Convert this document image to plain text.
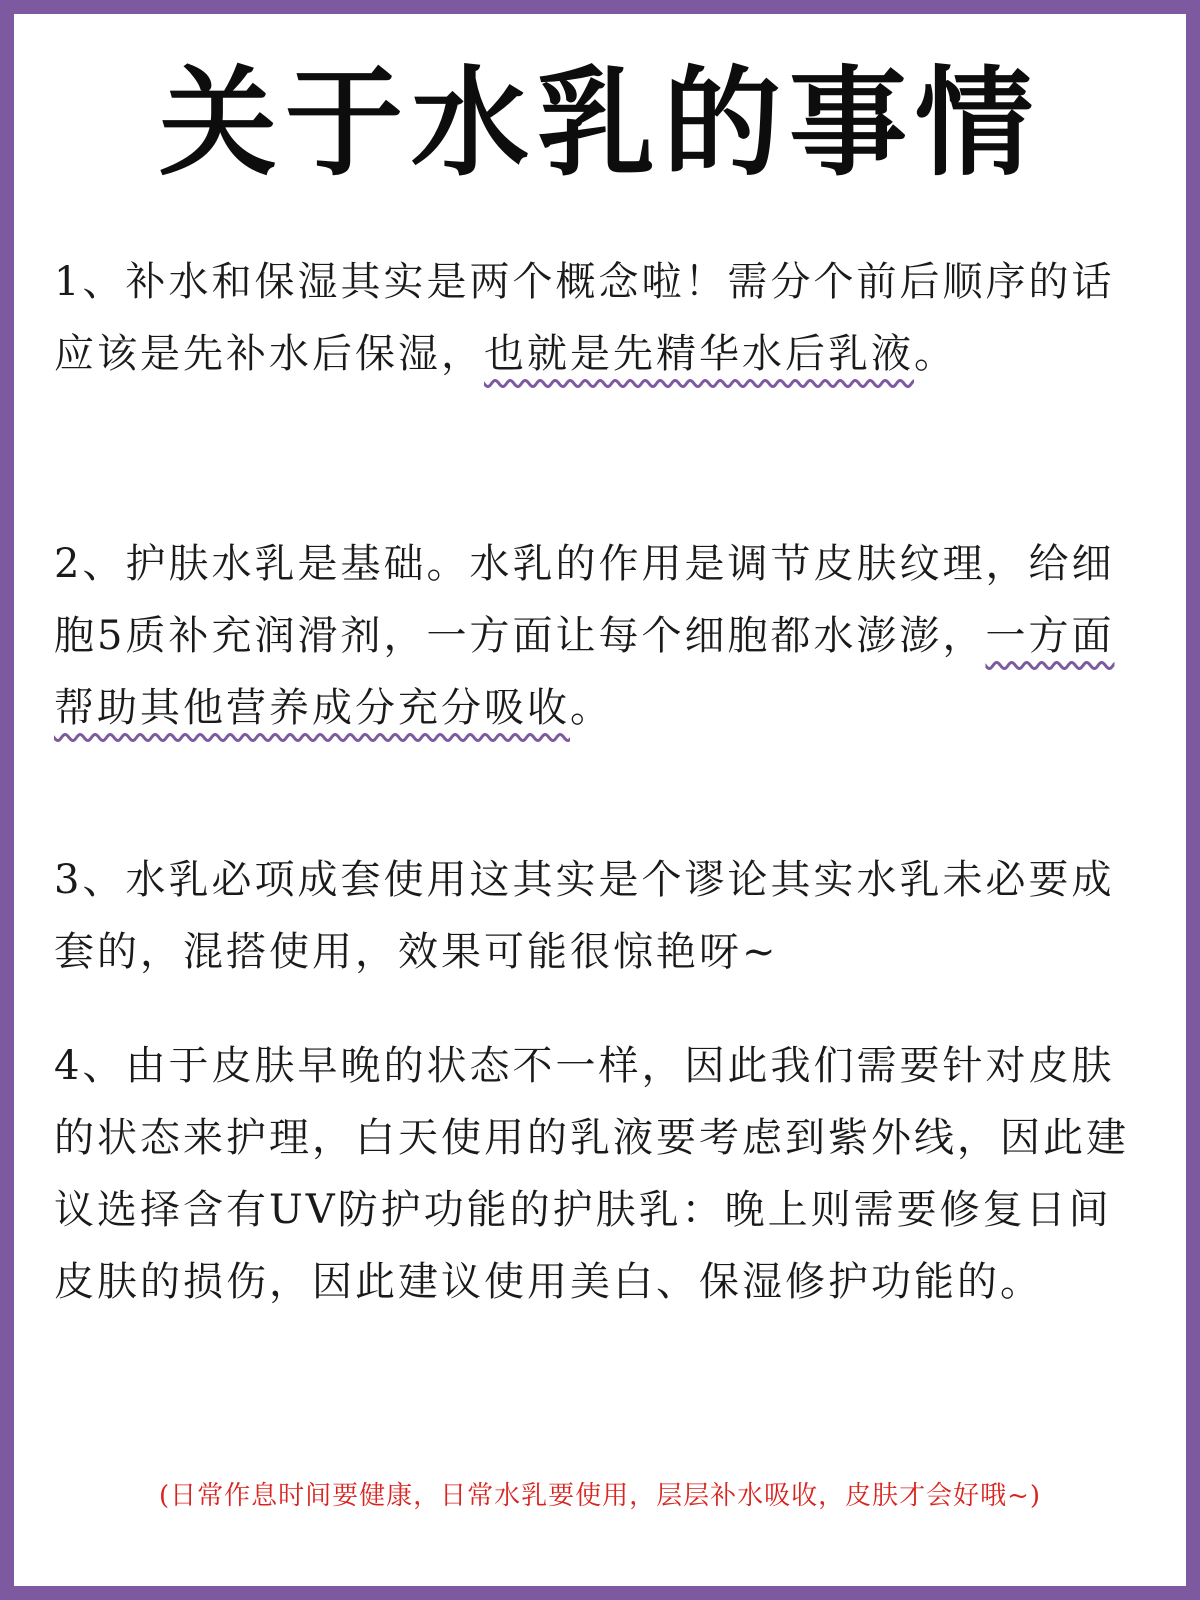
关于水乳的事情
1、补水和保湿其实是两个概念啦！需分个前后顺序的话应该是先补水后保湿，也就是先精华水后乳液。
2、护肤水乳是基础。水乳的作用是调节皮肤纹理，给细胞5质补充润滑剂，一方面让每个细胞都水澎澎，一方面帮助其他营养成分充分吸收。
3、水乳必项成套使用这其实是个谬论其实水乳未必要成套的，混搭使用，效果可能很惊艳呀~
4、由于皮肤早晚的状态不一样，因此我们需要针对皮肤的状态来护理，白天使用的乳液要考虑到紫外线，因此建议选择含有UV防护功能的护肤乳：晚上则需要修复日间皮肤的损伤，因此建议使用美白、保湿修护功能的。
(日常作息时间要健康，日常水乳要使用，层层补水吸收，皮肤才会好哦~)
